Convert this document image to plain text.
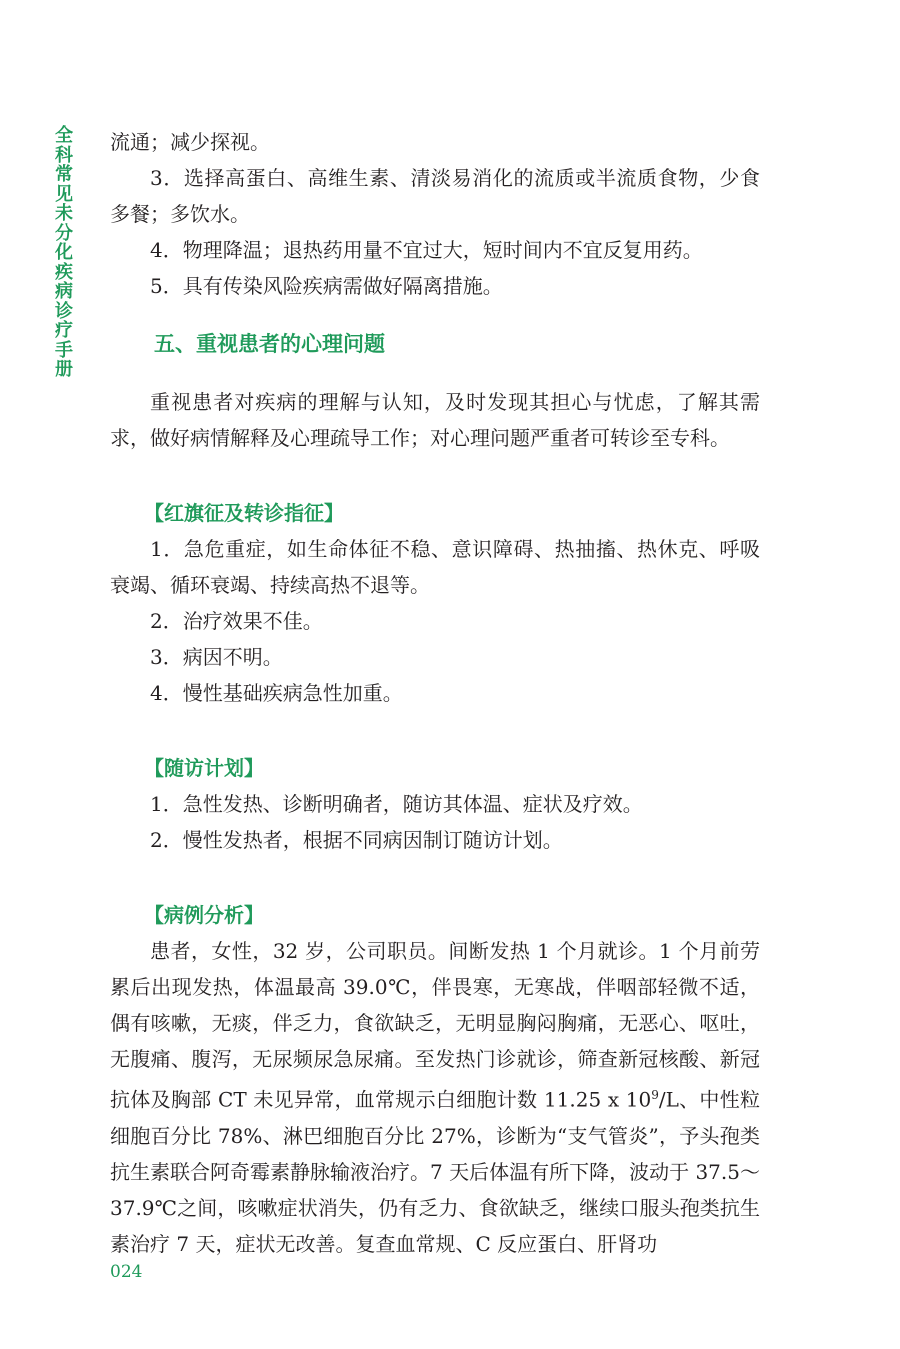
全科常见未分化疾病诊疗手册

流通；减少探视。

3．选择高蛋白、高维生素、清淡易消化的流质或半流质食物，少食多餐；多饮水。

4．物理降温；退热药用量不宜过大，短时间内不宜反复用药。

5．具有传染风险疾病需做好隔离措施。

五、重视患者的心理问题

重视患者对疾病的理解与认知，及时发现其担心与忧虑，了解其需求，做好病情解释及心理疏导工作；对心理问题严重者可转诊至专科。

【红旗征及转诊指征】

1．急危重症，如生命体征不稳、意识障碍、热抽搐、热休克、呼吸衰竭、循环衰竭、持续高热不退等。

2．治疗效果不佳。

3．病因不明。

4．慢性基础疾病急性加重。

【随访计划】

1．急性发热、诊断明确者，随访其体温、症状及疗效。

2．慢性发热者，根据不同病因制订随访计划。

【病例分析】

患者，女性，32 岁，公司职员。间断发热 1 个月就诊。1 个月前劳累后出现发热，体温最高 39.0℃，伴畏寒，无寒战，伴咽部轻微不适，偶有咳嗽，无痰，伴乏力，食欲缺乏，无明显胸闷胸痛，无恶心、呕吐，无腹痛、腹泻，无尿频尿急尿痛。至发热门诊就诊，筛查新冠核酸、新冠抗体及胸部 CT 未见异常，血常规示白细胞计数 11.25 x $10^9/L$、中性粒细胞百分比 78%、淋巴细胞百分比 27%，诊断为“支气管炎”，予头孢类抗生素联合阿奇霉素静脉输液治疗。7 天后体温有所下降，波动于 37.5～37.9℃之间，咳嗽症状消失，仍有乏力、食欲缺乏，继续口服头孢类抗生素治疗 7 天，症状无改善。复查血常规、C 反应蛋白、肝肾功

024
